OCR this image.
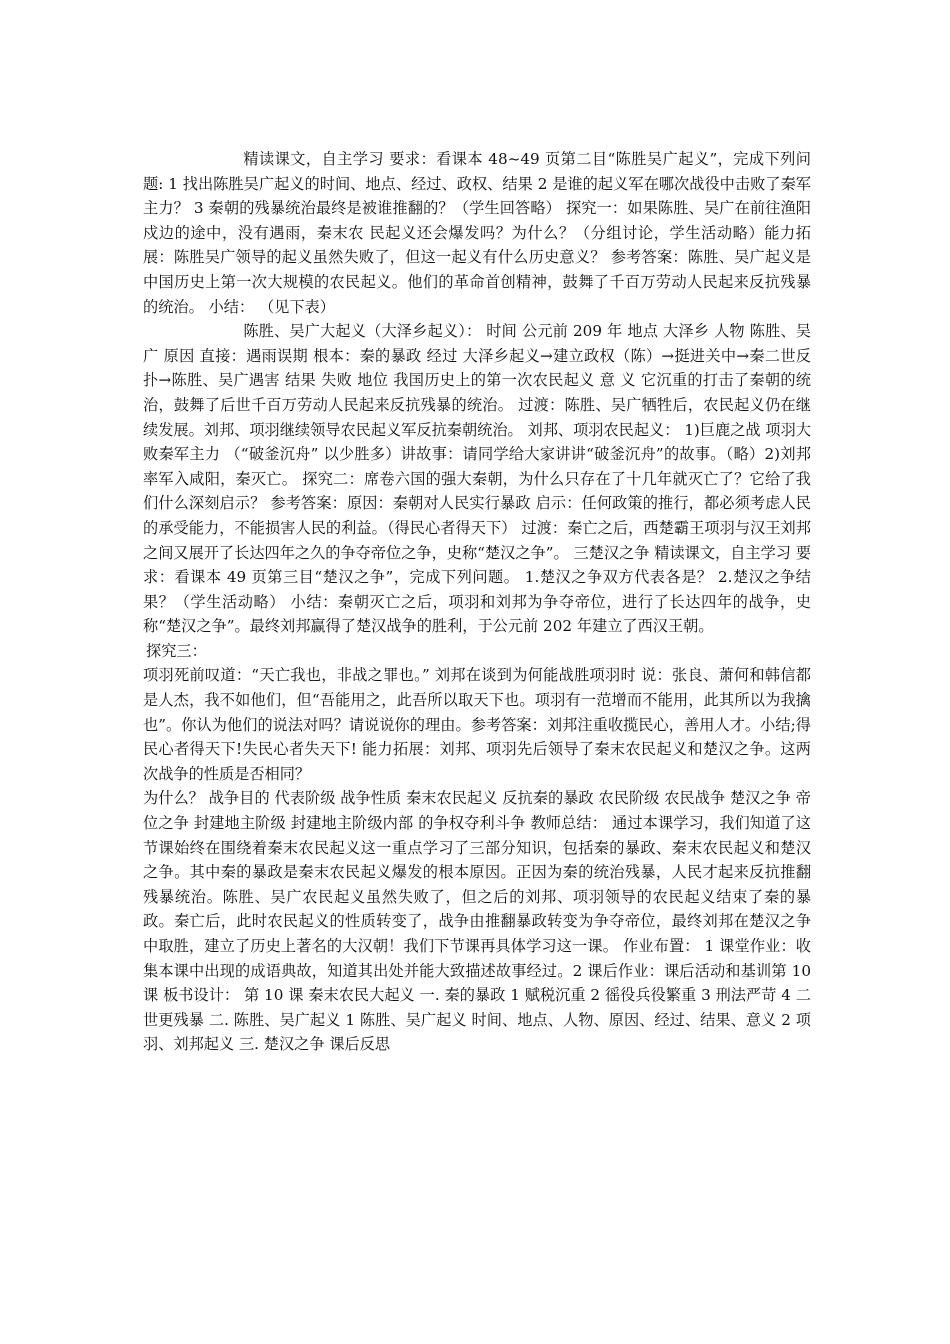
精读课文，自主学习 要求：看课本 48~49 页第二目“陈胜吴广起义”，完成下列问题: 1 找出陈胜吴广起义的时间、地点、经过、政权、结果 2 是谁的起义军在哪次战役中击败了秦军主力？ 3 秦朝的残暴统治最终是被谁推翻的？（学生回答略） 探究一：如果陈胜、吴广在前往渔阳戍边的途中，没有遇雨，秦末农 民起义还会爆发吗？为什么？（分组讨论，学生活动略）能力拓展：陈胜吴广领导的起义虽然失败了，但这一起义有什么历史意义？ 参考答案：陈胜、吴广起义是中国历史上第一次大规模的农民起义。他们的革命首创精神，鼓舞了千百万劳动人民起来反抗残暴的统治。 小结： （见下表）

陈胜、吴广大起义（大泽乡起义）： 时间 公元前 209 年 地点 大泽乡 人物 陈胜、吴广 原因 直接：遇雨误期 根本：秦的暴政 经过 大泽乡起义→建立政权（陈）→挺进关中→秦二世反扑→陈胜、吴广遇害 结果 失败 地位 我国历史上的第一次农民起义 意 义 它沉重的打击了秦朝的统治，鼓舞了后世千百万劳动人民起来反抗残暴的统治。 过渡：陈胜、吴广牺牲后，农民起义仍在继续发展。刘邦、项羽继续领导农民起义军反抗秦朝统治。 刘邦、项羽农民起义： 1)巨鹿之战 项羽大败秦军主力 （“破釜沉舟” 以少胜多）讲故事：请同学给大家讲讲“破釜沉舟”的故事。（略）2)刘邦率军入咸阳，秦灭亡。 探究二：席卷六国的强大秦朝，为什么只存在了十几年就灭亡了？它给了我们什么深刻启示？ 参考答案：原因：秦朝对人民实行暴政 启示：任何政策的推行，都必须考虑人民的承受能力，不能损害人民的利益。（得民心者得天下） 过渡：秦亡之后，西楚霸王项羽与汉王刘邦之间又展开了长达四年之久的争夺帝位之争，史称“楚汉之争”。 三楚汉之争 精读课文，自主学习 要求：看课本 49 页第三目“楚汉之争”，完成下列问题。 1.楚汉之争双方代表各是？ 2.楚汉之争结果？（学生活动略） 小结：秦朝灭亡之后，项羽和刘邦为争夺帝位，进行了长达四年的战争，史称“楚汉之争”。最终刘邦赢得了楚汉战争的胜利，于公元前 202 年建立了西汉王朝。

探究三：

项羽死前叹道：“天亡我也，非战之罪也。” 刘邦在谈到为何能战胜项羽时 说：张良、萧何和韩信都是人杰，我不如他们，但“吾能用之，此吾所以取天下也。项羽有一范增而不能用，此其所以为我擒也”。你认为他们的说法对吗？请说说你的理由。参考答案：刘邦注重收揽民心，善用人才。小结;得民心者得天下!失民心者失天下! 能力拓展：刘邦、项羽先后领导了秦末农民起义和楚汉之争。这两次战争的性质是否相同？

为什么？ 战争目的 代表阶级 战争性质 秦末农民起义 反抗秦的暴政 农民阶级 农民战争 楚汉之争 帝位之争 封建地主阶级 封建地主阶级内部 的争权夺利斗争 教师总结： 通过本课学习，我们知道了这节课始终在围绕着秦末农民起义这一重点学习了三部分知识，包括秦的暴政、秦末农民起义和楚汉之争。其中秦的暴政是秦末农民起义爆发的根本原因。正因为秦的统治残暴，人民才起来反抗推翻残暴统治。陈胜、吴广农民起义虽然失败了，但之后的刘邦、项羽领导的农民起义结束了秦的暴政。秦亡后，此时农民起义的性质转变了，战争由推翻暴政转变为争夺帝位，最终刘邦在楚汉之争中取胜，建立了历史上著名的大汉朝！我们下节课再具体学习这一课。 作业布置： 1 课堂作业：收集本课中出现的成语典故，知道其出处并能大致描述故事经过。2 课后作业：课后活动和基训第 10 课 板书设计： 第 10 课 秦末农民大起义 一. 秦的暴政 1 赋税沉重 2 徭役兵役繁重 3 刑法严苛 4 二世更残暴 二. 陈胜、吴广起义 1 陈胜、吴广起义 时间、地点、人物、原因、经过、结果、意义 2 项羽、刘邦起义 三. 楚汉之争 课后反思
